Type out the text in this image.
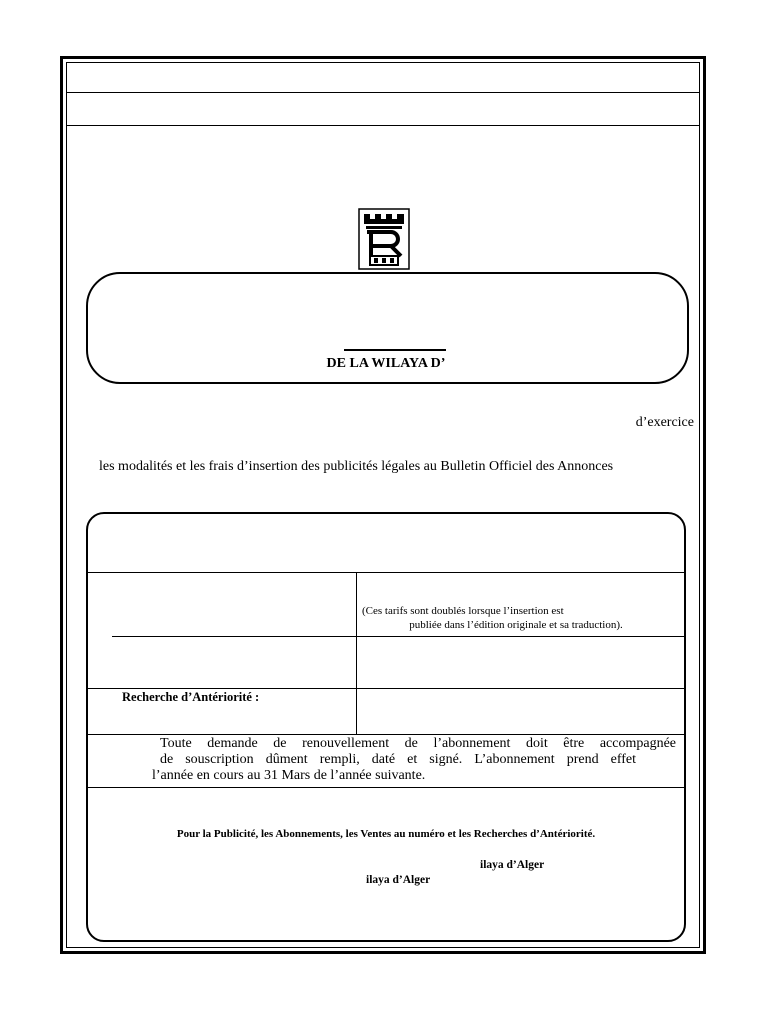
DE LA WILAYA D’
d’exercice
les modalités et les frais d’insertion des publicités légales au Bulletin Officiel des Annonces
(Ces tarifs sont doublés lorsque l’insertion est
publiée dans l’édition originale et sa traduction).
Recherche d’Antériorité :
Toute demande de renouvellement de l’abonnement doit être accompagnée
de souscription dûment rempli, daté et signé. L’abonnement prend effet
l’année en cours au 31 Mars de l’année suivante.
Pour la Publicité, les Abonnements, les Ventes au numéro et les Recherches d’Antériorité.
ilaya d’Alger
ilaya d’Alger
